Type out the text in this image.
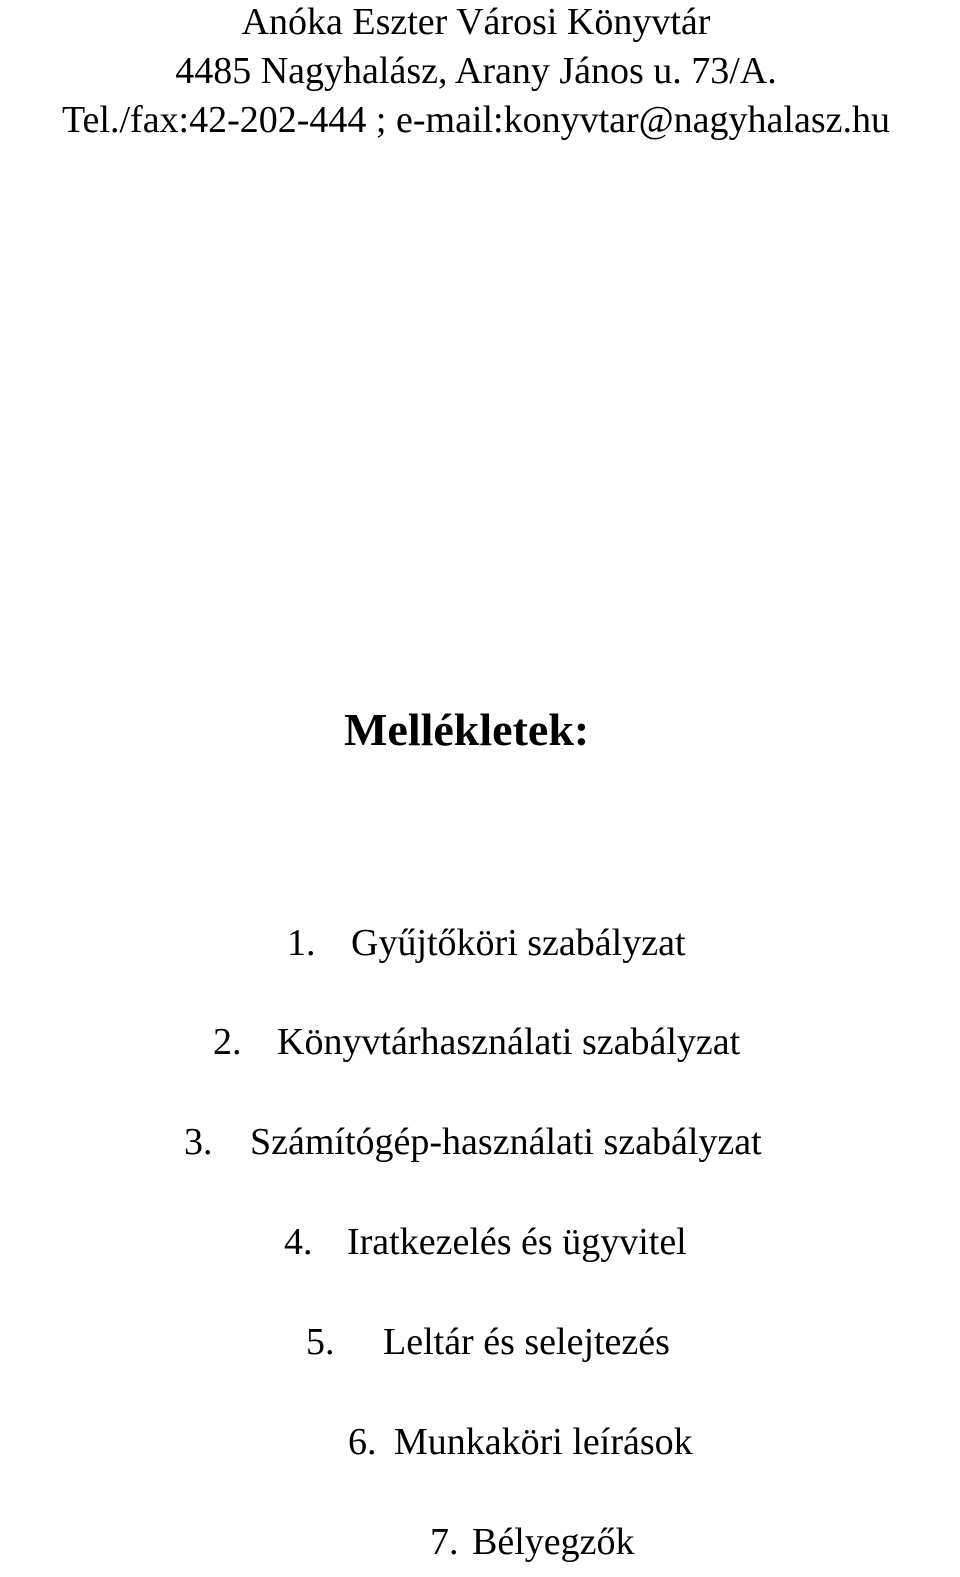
Anóka Eszter Városi Könyvtár
4485 Nagyhalász, Arany János u. 73/A.
Tel./fax:42-202-444 ; e-mail:konyvtar@nagyhalasz.hu
Mellékletek:
1. Gyűjtőköri szabályzat
2. Könyvtárhasználati szabályzat
3. Számítógép-használati szabályzat
4. Iratkezelés és ügyvitel
5. Leltár és selejtezés
6. Munkaköri leírások
7. Bélyegzők
